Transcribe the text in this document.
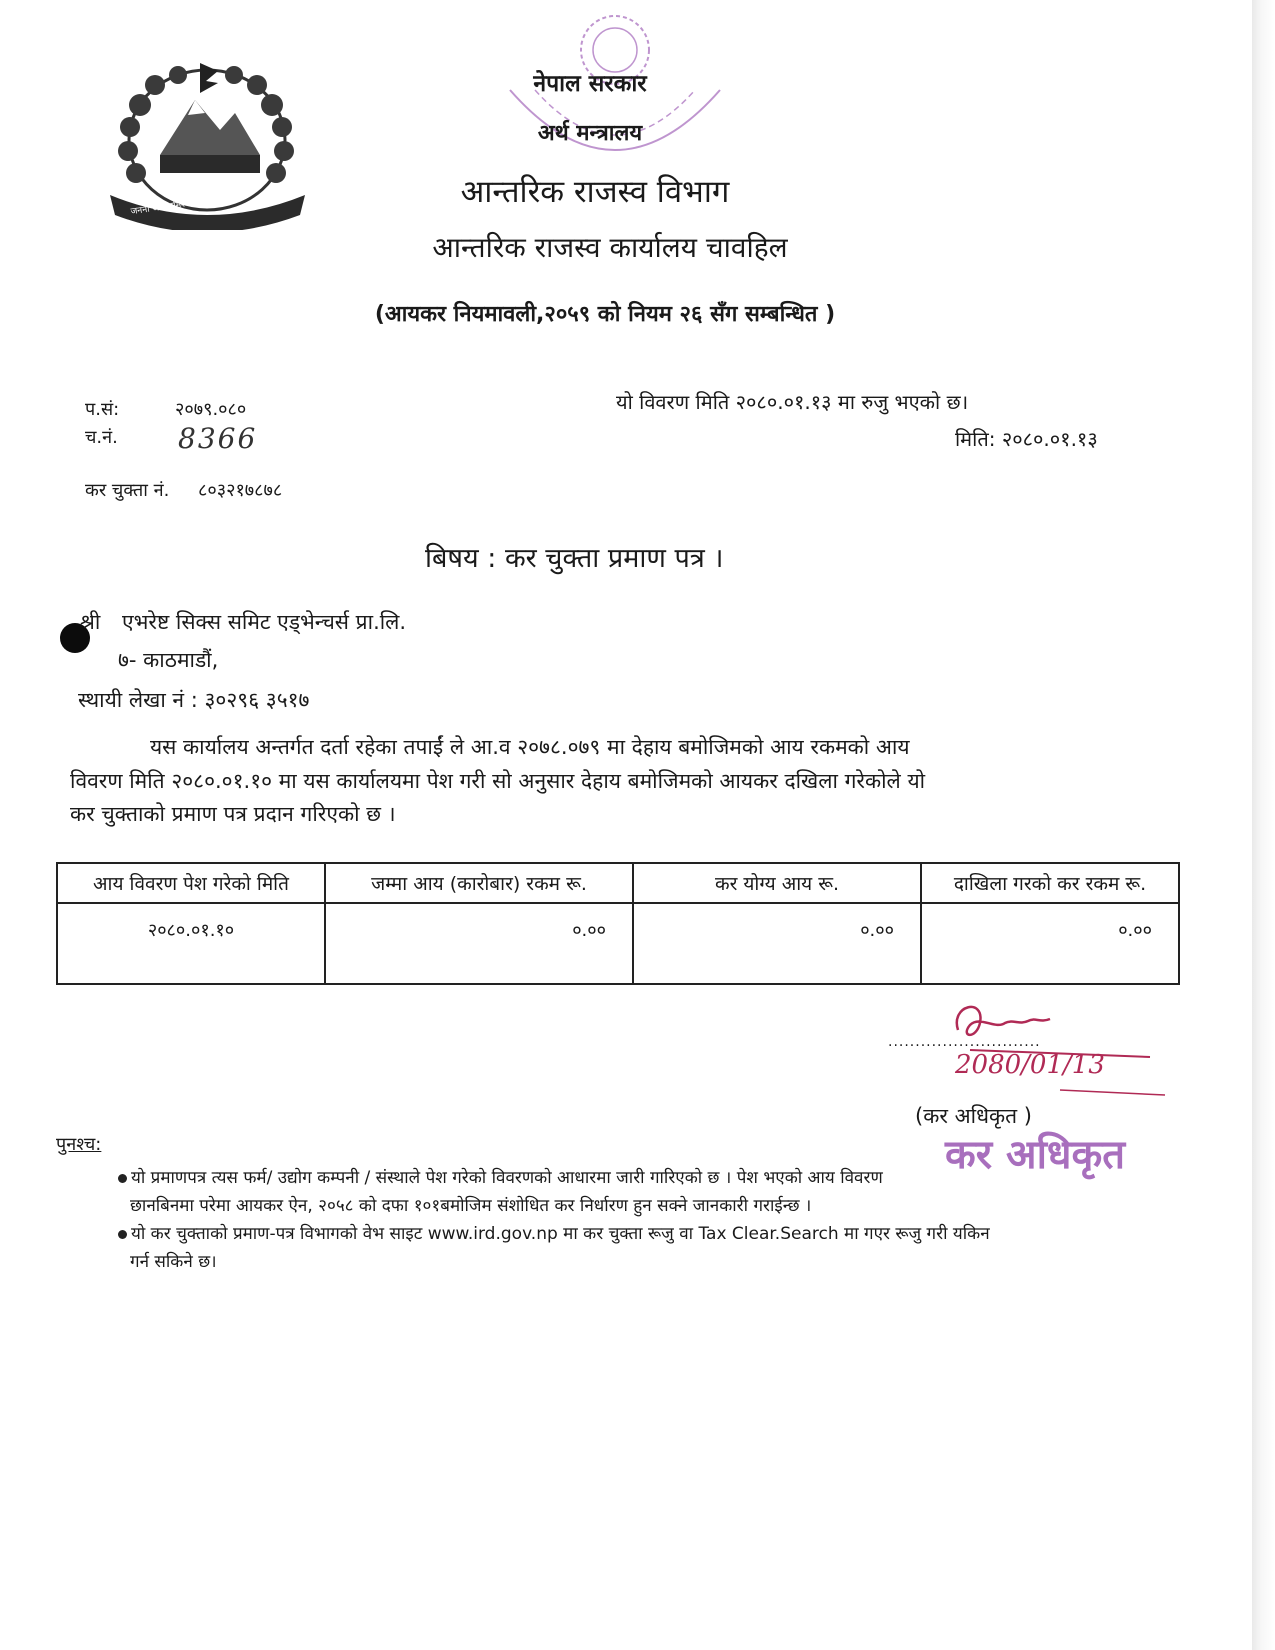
जननी जन्मभूमिश्च स्वर्गादपि गरीयसी
नेपाल सरकार
अर्थ मन्त्रालय
आन्तरिक राजस्व विभाग
आन्तरिक राजस्व कार्यालय चावहिल
(आयकर नियमावली,२०५९ को नियम २६ सँग सम्बन्धित )
प.सं:	२०७९.०८०
च.नं. 8366
कर चुक्ता नं. ८०३२१७८७८
यो विवरण मिति २०८०.०१.१३ मा रुजु भएको छ।
मिति: २०८०.०१.१३
बिषय : कर चुक्ता प्रमाण पत्र ।
श्री एभरेष्ट सिक्स समिट एड्भेन्चर्स प्रा.लि.
७- काठमाडौं,
स्थायी लेखा नं : ३०२९६ ३५१७
यस कार्यालय अन्तर्गत दर्ता रहेका तपाईं ले आ.व २०७८.०७९ मा देहाय बमोजिमको आय रकमको आय
विवरण मिति २०८०.०१.१० मा यस कार्यालयमा पेश गरी सो अनुसार देहाय बमोजिमको आयकर दखिला गरेकोले यो
कर चुक्ताको प्रमाण पत्र प्रदान गरिएको छ ।
आय विवरण पेश गरेको मिति	जम्मा आय (कारोबार) रकम रू.	कर योग्य आय रू.	दाखिला गरको कर रकम रू.
२०८०.०१.१०	०.००	०.००	०.००
............................
2080/01/13
(कर अधिकृत )
कर अधिकृत
पुनश्च:
यो प्रमाणपत्र त्यस फर्म/ उद्योग कम्पनी / संस्थाले पेश गरेको विवरणको आधारमा जारी गारिएको छ । पेश भएको आय विवरण
छानबिनमा परेमा आयकर ऐन, २०५८ को दफा १०१बमोजिम संशोधित कर निर्धारण हुन सक्ने जानकारी गराईन्छ ।
यो कर चुक्ताको प्रमाण-पत्र विभागको वेभ साइट www.ird.gov.np मा कर चुक्ता रूजु वा Tax Clear.Search मा गएर रूजु गरी यकिन
गर्न सकिने छ।
